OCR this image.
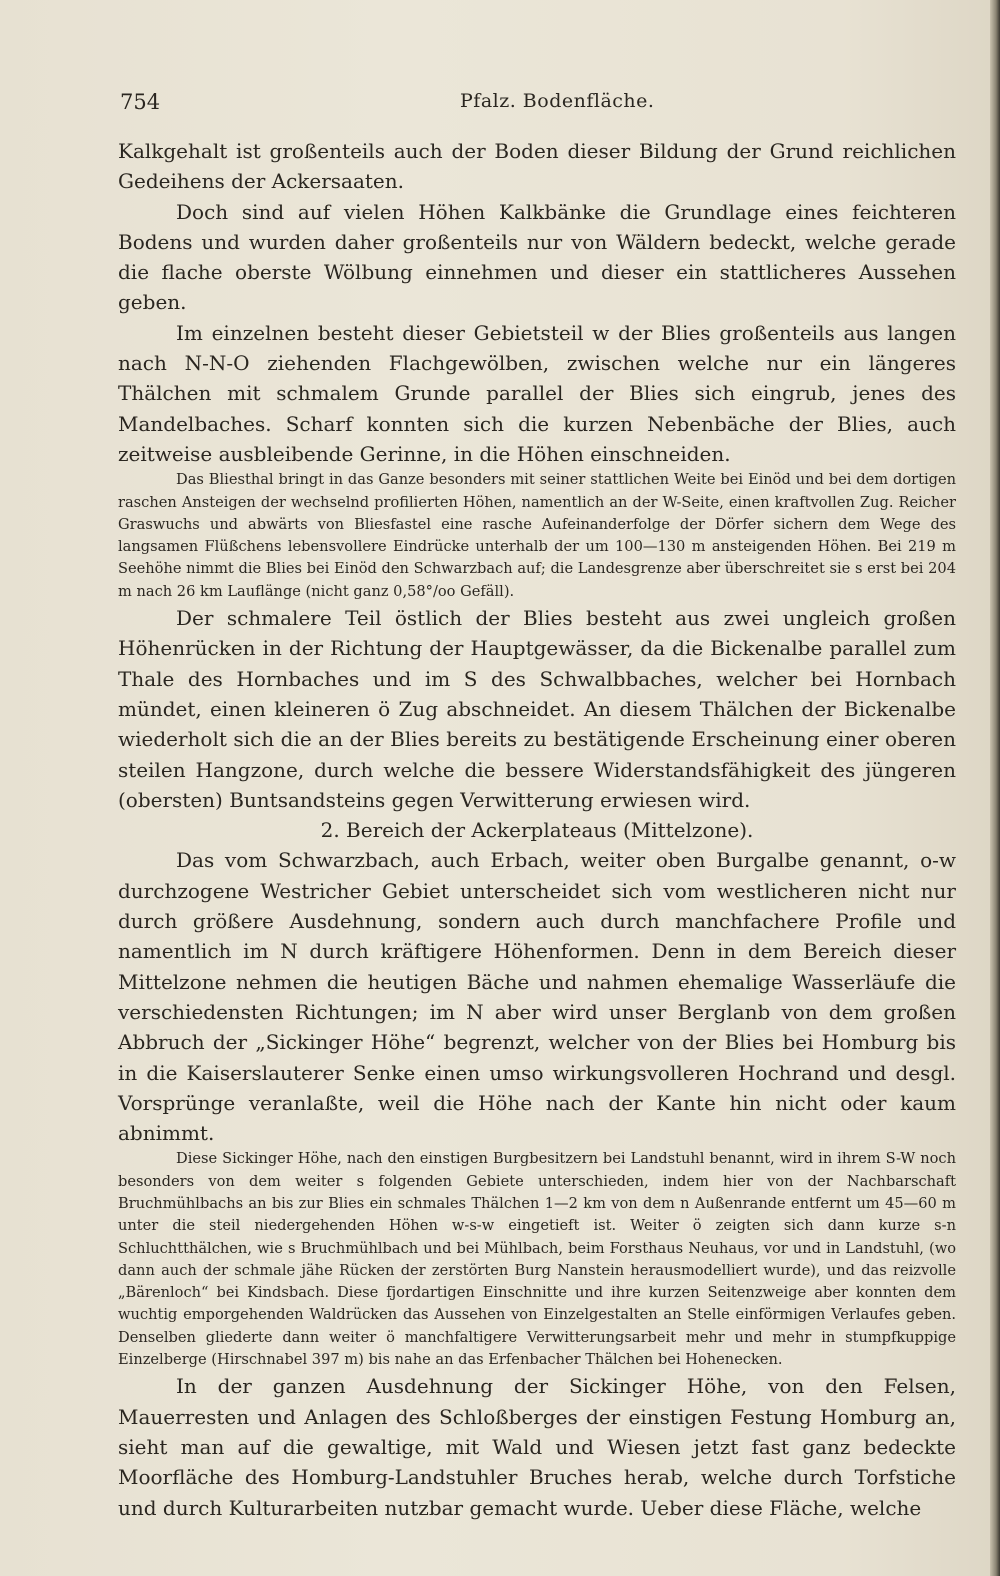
754	Pfalz. Bodenfläche.

Kalkgehalt ist großenteils auch der Boden dieser Bildung der Grund reichlichen Gedeihens der Ackersaaten.

Doch sind auf vielen Höhen Kalkbänke die Grundlage eines feichteren Bodens und wurden daher großenteils nur von Wäldern bedeckt, welche gerade die flache oberste Wölbung einnehmen und dieser ein stattlicheres Aussehen geben.

Im einzelnen besteht dieser Gebietsteil w der Blies großenteils aus langen nach N-N-O ziehenden Flachgewölben, zwischen welche nur ein längeres Thälchen mit schmalem Grunde parallel der Blies sich eingrub, jenes des Mandelbaches. Scharf konnten sich die kurzen Nebenbäche der Blies, auch zeitweise ausbleibende Gerinne, in die Höhen einschneiden.

Das Bliesthal bringt in das Ganze besonders mit seiner stattlichen Weite bei Einöd und bei dem dortigen raschen Ansteigen der wechselnd profilierten Höhen, namentlich an der W-Seite, einen kraftvollen Zug. Reicher Graswuchs und abwärts von Bliesfastel eine rasche Aufeinanderfolge der Dörfer sichern dem Wege des langsamen Flüßchens lebensvollere Eindrücke unterhalb der um 100—130 m ansteigenden Höhen. Bei 219 m Seehöhe nimmt die Blies bei Einöd den Schwarzbach auf; die Landesgrenze aber überschreitet sie s erst bei 204 m nach 26 km Lauflänge (nicht ganz 0,58°/oo Gefäll).

Der schmalere Teil östlich der Blies besteht aus zwei ungleich großen Höhenrücken in der Richtung der Hauptgewässer, da die Bickenalbe parallel zum Thale des Hornbaches und im S des Schwalbbaches, welcher bei Hornbach mündet, einen kleineren ö Zug abschneidet. An diesem Thälchen der Bickenalbe wiederholt sich die an der Blies bereits zu bestätigende Erscheinung einer oberen steilen Hangzone, durch welche die bessere Widerstandsfähigkeit des jüngeren (obersten) Buntsandsteins gegen Verwitterung erwiesen wird.

2. Bereich der Ackerplateaus (Mittelzone).

Das vom Schwarzbach, auch Erbach, weiter oben Burgalbe genannt, o-w durchzogene Westricher Gebiet unterscheidet sich vom westlicheren nicht nur durch größere Ausdehnung, sondern auch durch manchfachere Profile und namentlich im N durch kräftigere Höhenformen. Denn in dem Bereich dieser Mittelzone nehmen die heutigen Bäche und nahmen ehemalige Wasserläufe die verschiedensten Richtungen; im N aber wird unser Berglanb von dem großen Abbruch der „Sickinger Höhe“ begrenzt, welcher von der Blies bei Homburg bis in die Kaiserslauterer Senke einen umso wirkungsvolleren Hochrand und desgl. Vorsprünge veranlaßte, weil die Höhe nach der Kante hin nicht oder kaum abnimmt.

Diese Sickinger Höhe, nach den einstigen Burgbesitzern bei Landstuhl benannt, wird in ihrem S-W noch besonders von dem weiter s folgenden Gebiete unterschieden, indem hier von der Nachbarschaft Bruchmühlbachs an bis zur Blies ein schmales Thälchen 1—2 km von dem n Außenrande entfernt um 45—60 m unter die steil niedergehenden Höhen w-s-w eingetieft ist. Weiter ö zeigten sich dann kurze s-n Schluchtthälchen, wie s Bruchmühlbach und bei Mühlbach, beim Forsthaus Neuhaus, vor und in Landstuhl, (wo dann auch der schmale jähe Rücken der zerstörten Burg Nanstein herausmodelliert wurde), und das reizvolle „Bärenloch“ bei Kindsbach. Diese fjordartigen Einschnitte und ihre kurzen Seitenzweige aber konnten dem wuchtig emporgehenden Waldrücken das Aussehen von Einzelgestalten an Stelle einförmigen Verlaufes geben. Denselben gliederte dann weiter ö manchfaltigere Verwitterungsarbeit mehr und mehr in stumpfkuppige Einzelberge (Hirschnabel 397 m) bis nahe an das Erfenbacher Thälchen bei Hohenecken.

In der ganzen Ausdehnung der Sickinger Höhe, von den Felsen, Mauerresten und Anlagen des Schloßberges der einstigen Festung Homburg an, sieht man auf die gewaltige, mit Wald und Wiesen jetzt fast ganz bedeckte Moorfläche des Homburg-Landstuhler Bruches herab, welche durch Torfstiche und durch Kulturarbeiten nutzbar gemacht wurde. Ueber diese Fläche, welche
